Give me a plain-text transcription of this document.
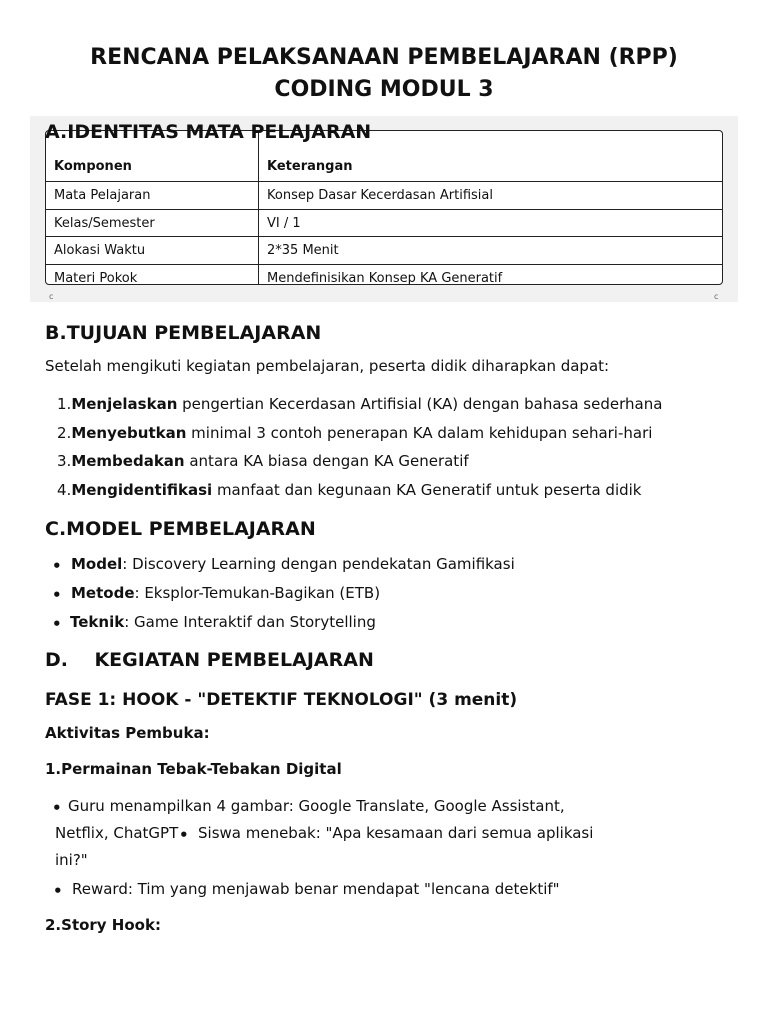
RENCANA PELAKSANAAN PEMBELAJARAN (RPP)
CODING MODUL 3
Komponen	Keterangan
Mata Pelajaran	Konsep Dasar Kecerdasan Artifisial
Kelas/Semester	VI / 1
Alokasi Waktu	2*35 Menit
Materi Pokok	Mendefinisikan Konsep KA Generatif
A.IDENTITAS MATA PELAJARAN
c	c
B.TUJUAN PEMBELAJARAN
Setelah mengikuti kegiatan pembelajaran, peserta didik diharapkan dapat:
1.Menjelaskan pengertian Kecerdasan Artifisial (KA) dengan bahasa sederhana
2.Menyebutkan minimal 3 contoh penerapan KA dalam kehidupan sehari-hari
3.Membedakan antara KA biasa dengan KA Generatif
4.Mengidentifikasi manfaat dan kegunaan KA Generatif untuk peserta didik
C.MODEL PEMBELAJARAN
• Model: Discovery Learning dengan pendekatan Gamifikasi
• Metode: Eksplor-Temukan-Bagikan (ETB)
• Teknik: Game Interaktif dan Storytelling
D.    KEGIATAN PEMBELAJARAN
FASE 1: HOOK - "DETEKTIF TEKNOLOGI" (3 menit)
Aktivitas Pembuka:
1.Permainan Tebak-Tebakan Digital
• Guru menampilkan 4 gambar: Google Translate, Google Assistant,
Netflix, ChatGPT • Siswa menebak: "Apa kesamaan dari semua aplikasi
ini?"
• Reward: Tim yang menjawab benar mendapat "lencana detektif"
2.Story Hook:
